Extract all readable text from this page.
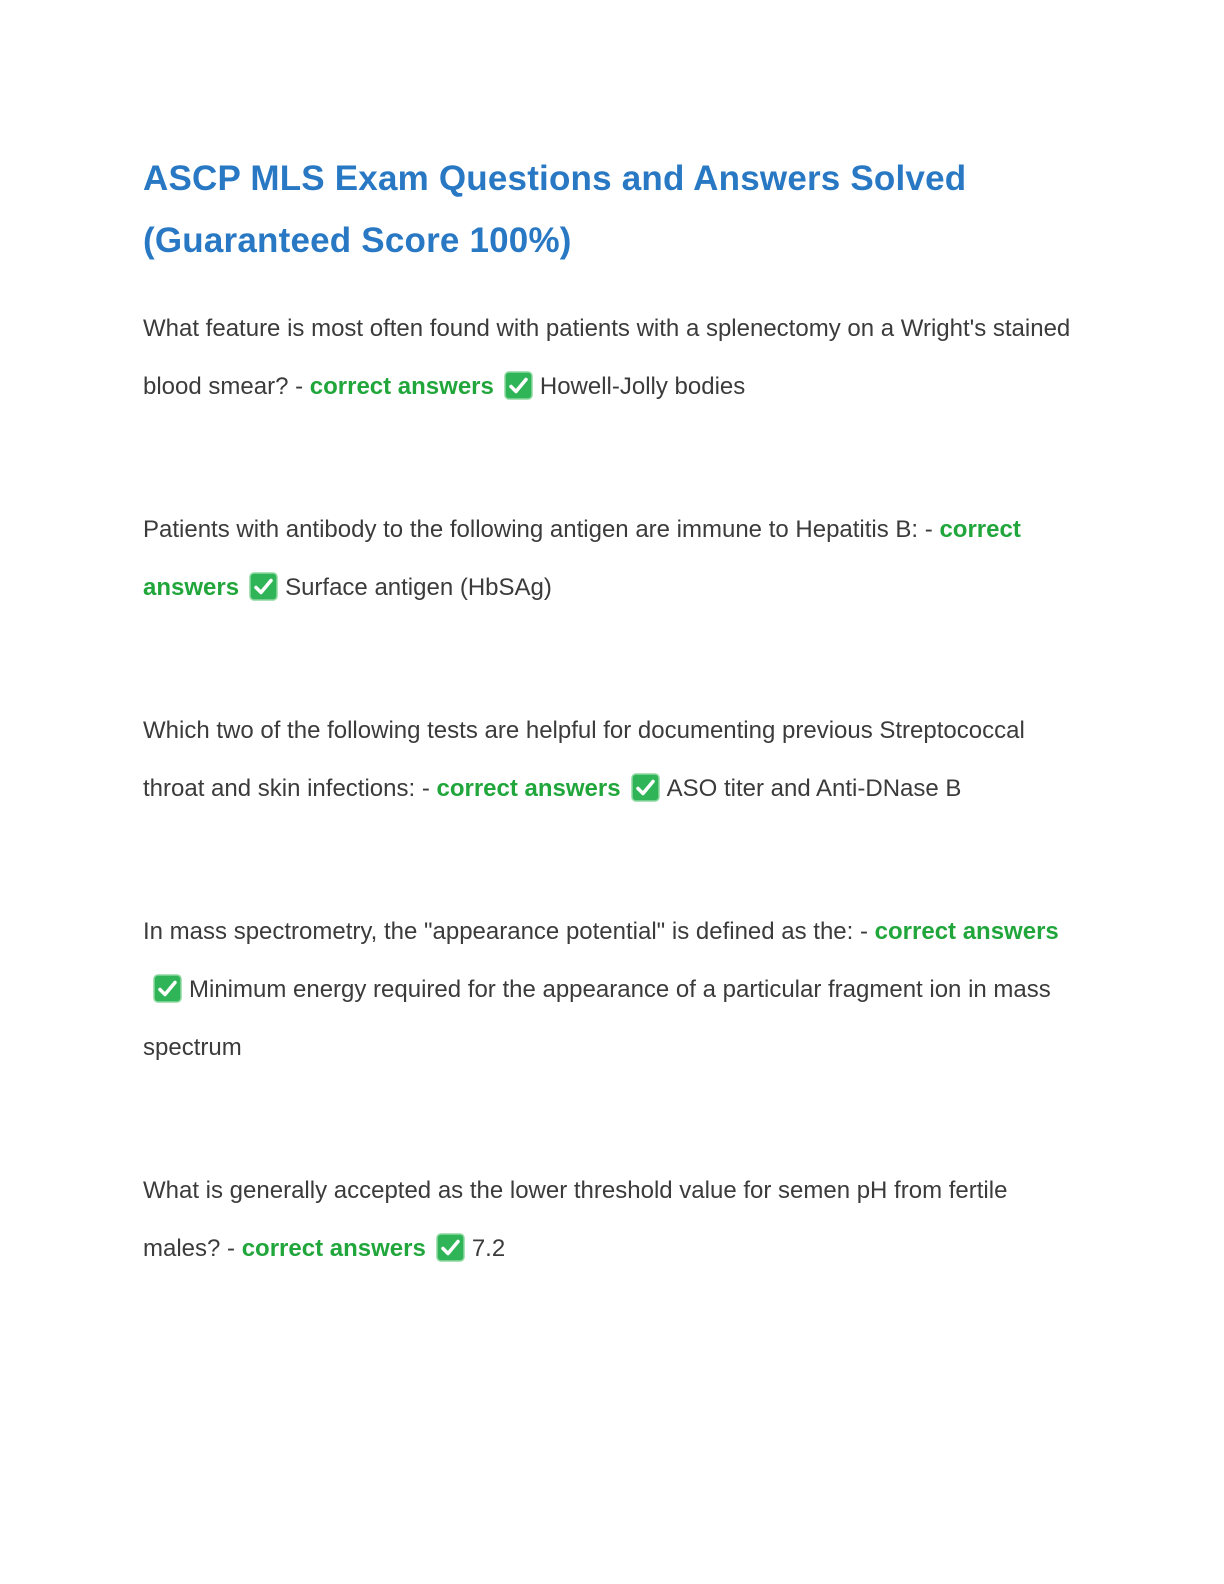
ASCP MLS Exam Questions and Answers Solved (Guaranteed Score 100%)

What feature is most often found with patients with a splenectomy on a Wright's stained blood smear? - correct answers Howell-Jolly bodies

Patients with antibody to the following antigen are immune to Hepatitis B: - correct answers Surface antigen (HbSAg)

Which two of the following tests are helpful for documenting previous Streptococcal throat and skin infections: - correct answers ASO titer and Anti-DNase B

In mass spectrometry, the "appearance potential" is defined as the: - correct answersMinimum energy required for the appearance of a particular fragment ion in mass spectrum

What is generally accepted as the lower threshold value for semen pH from fertile males? - correct answers 7.2
